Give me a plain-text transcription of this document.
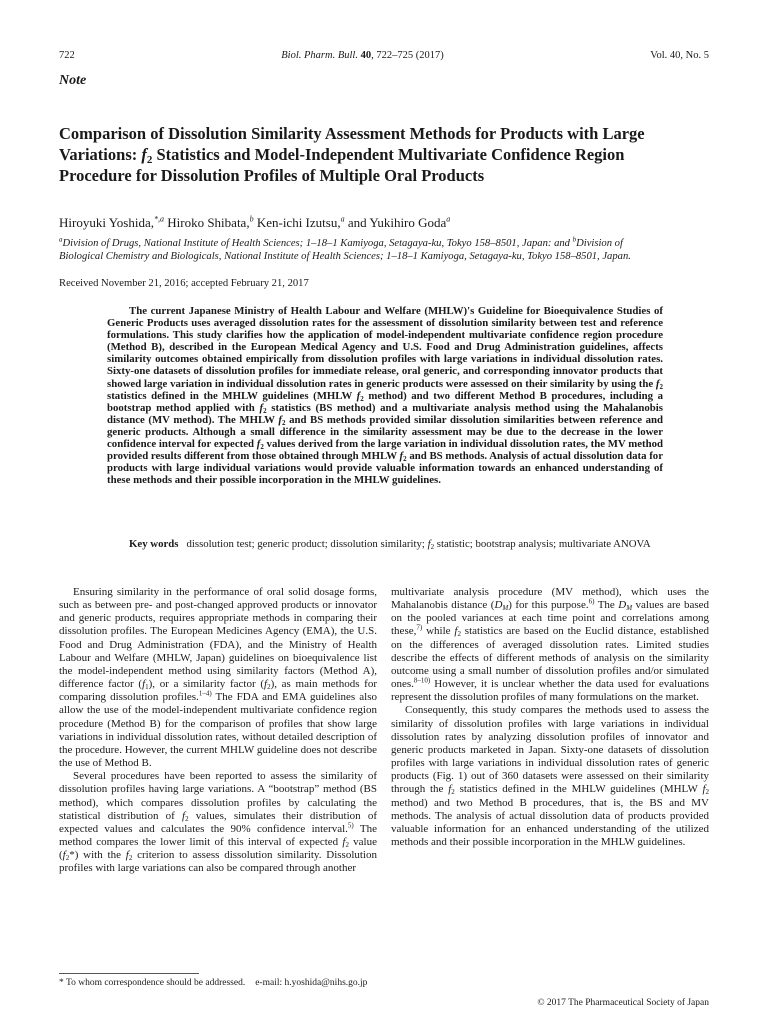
722	Biol. Pharm. Bull. 40, 722–725 (2017)	Vol. 40, No. 5
Note
Comparison of Dissolution Similarity Assessment Methods for Products with Large Variations: $f_2$ Statistics and Model-Independent Multivariate Confidence Region Procedure for Dissolution Profiles of Multiple Oral Products
Hiroyuki Yoshida,$^{*,a}$ Hiroko Shibata,$^b$ Ken-ichi Izutsu,$^a$ and Yukihiro Goda$^a$
$^a$Division of Drugs, National Institute of Health Sciences; 1–18–1 Kamiyoga, Setagaya-ku, Tokyo 158–8501, Japan: and $^b$Division of Biological Chemistry and Biologicals, National Institute of Health Sciences; 1–18–1 Kamiyoga, Setagaya-ku, Tokyo 158–8501, Japan.
Received November 21, 2016; accepted February 21, 2017

The current Japanese Ministry of Health Labour and Welfare (MHLW)'s Guideline for Bioequivalence Studies of Generic Products uses averaged dissolution rates for the assessment of dissolution similarity between test and reference formulations. This study clarifies how the application of model-independent multivariate confidence region procedure (Method B), described in the European Medical Agency and U.S. Food and Drug Administration guidelines, affects similarity outcomes obtained empirically from dissolution profiles with large variations in individual dissolution rates. Sixty-one datasets of dissolution profiles for immediate release, oral generic, and corresponding innovator products that showed large variation in individual dissolution rates in generic products were assessed on their similarity by using the $f_2$ statistics defined in the MHLW guidelines (MHLW $f_2$ method) and two different Method B procedures, including a bootstrap method applied with $f_2$ statistics (BS method) and a multivariate analysis method using the Mahalanobis distance (MV method). The MHLW $f_2$ and BS methods provided similar dissolution similarities between reference and generic products. Although a small difference in the similarity assessment may be due to the decrease in the lower confidence interval for expected $f_2$ values derived from the large variation in individual dissolution rates, the MV method provided results different from those obtained through MHLW $f_2$ and BS methods. Analysis of actual dissolution data for products with large individual variations would provide valuable information towards an enhanced understanding of these methods and their possible incorporation in the MHLW guidelines.

Key words dissolution test; generic product; dissolution similarity; $f_2$ statistic; bootstrap analysis; multivariate ANOVA

Ensuring similarity in the performance of oral solid dosage forms, such as between pre- and post-changed approved products or innovator and generic products, requires appropriate methods in comparing their dissolution profiles. The European Medicines Agency (EMA), the U.S. Food and Drug Administration (FDA), and the Ministry of Health Labour and Welfare (MHLW, Japan) guidelines on bioequivalence list the model-independent method using similarity factors (Method A), difference factor $(f_1)$, or a similarity factor $(f_2)$, as main methods for comparing dissolution profiles.$^{1-4)}$ The FDA and EMA guidelines also allow the use of the model-independent multivariate confidence region procedure (Method B) for the comparison of profiles that show large variations in individual dissolution rates, without detailed description of the procedure. However, the current MHLW guideline does not describe the use of Method B.

Several procedures have been reported to assess the similarity of dissolution profiles having large variations. A “bootstrap” method (BS method), which compares dissolution profiles by calculating the statistical distribution of $f_2$ values, simulates their distribution of expected values and calculates the 90% confidence interval.$^{5)}$ The method compares the lower limit of this interval of expected $f_2$ value $(f_2*)$ with the $f_2$ criterion to assess dissolution similarity. Dissolution profiles with large variations can also be compared through another

multivariate analysis procedure (MV method), which uses the Mahalanobis distance $(D_M)$ for this purpose.$^{6)}$ The $D_M$ values are based on the pooled variances at each time point and correlations among these,$^{7)}$ while $f_2$ statistics are based on the Euclid distance, established on the differences of averaged dissolution rates. Limited studies describe the effects of different methods of analysis on the similarity outcome using a small number of dissolution profiles and/or simulated ones.$^{8-10)}$ However, it is unclear whether the data used for evaluations represent the dissolution profiles of many formulations on the market.

Consequently, this study compares the methods used to assess the similarity of dissolution profiles with large variations in individual dissolution rates by analyzing dissolution profiles of innovator and generic products marketed in Japan. Sixty-one datasets of dissolution profiles with large variations in individual dissolution rates of generic products (Fig. 1) out of 360 datasets were assessed on their similarity through the $f_2$ statistics defined in the MHLW guidelines (MHLW $f_2$ method) and two Method B procedures, that is, the BS and MV methods. The analysis of actual dissolution data of products provided valuable information for an enhanced understanding of the utilized methods and their possible incorporation in the MHLW guidelines.

* To whom correspondence should be addressed. e-mail: h.yoshida@nihs.go.jp
© 2017 The Pharmaceutical Society of Japan
